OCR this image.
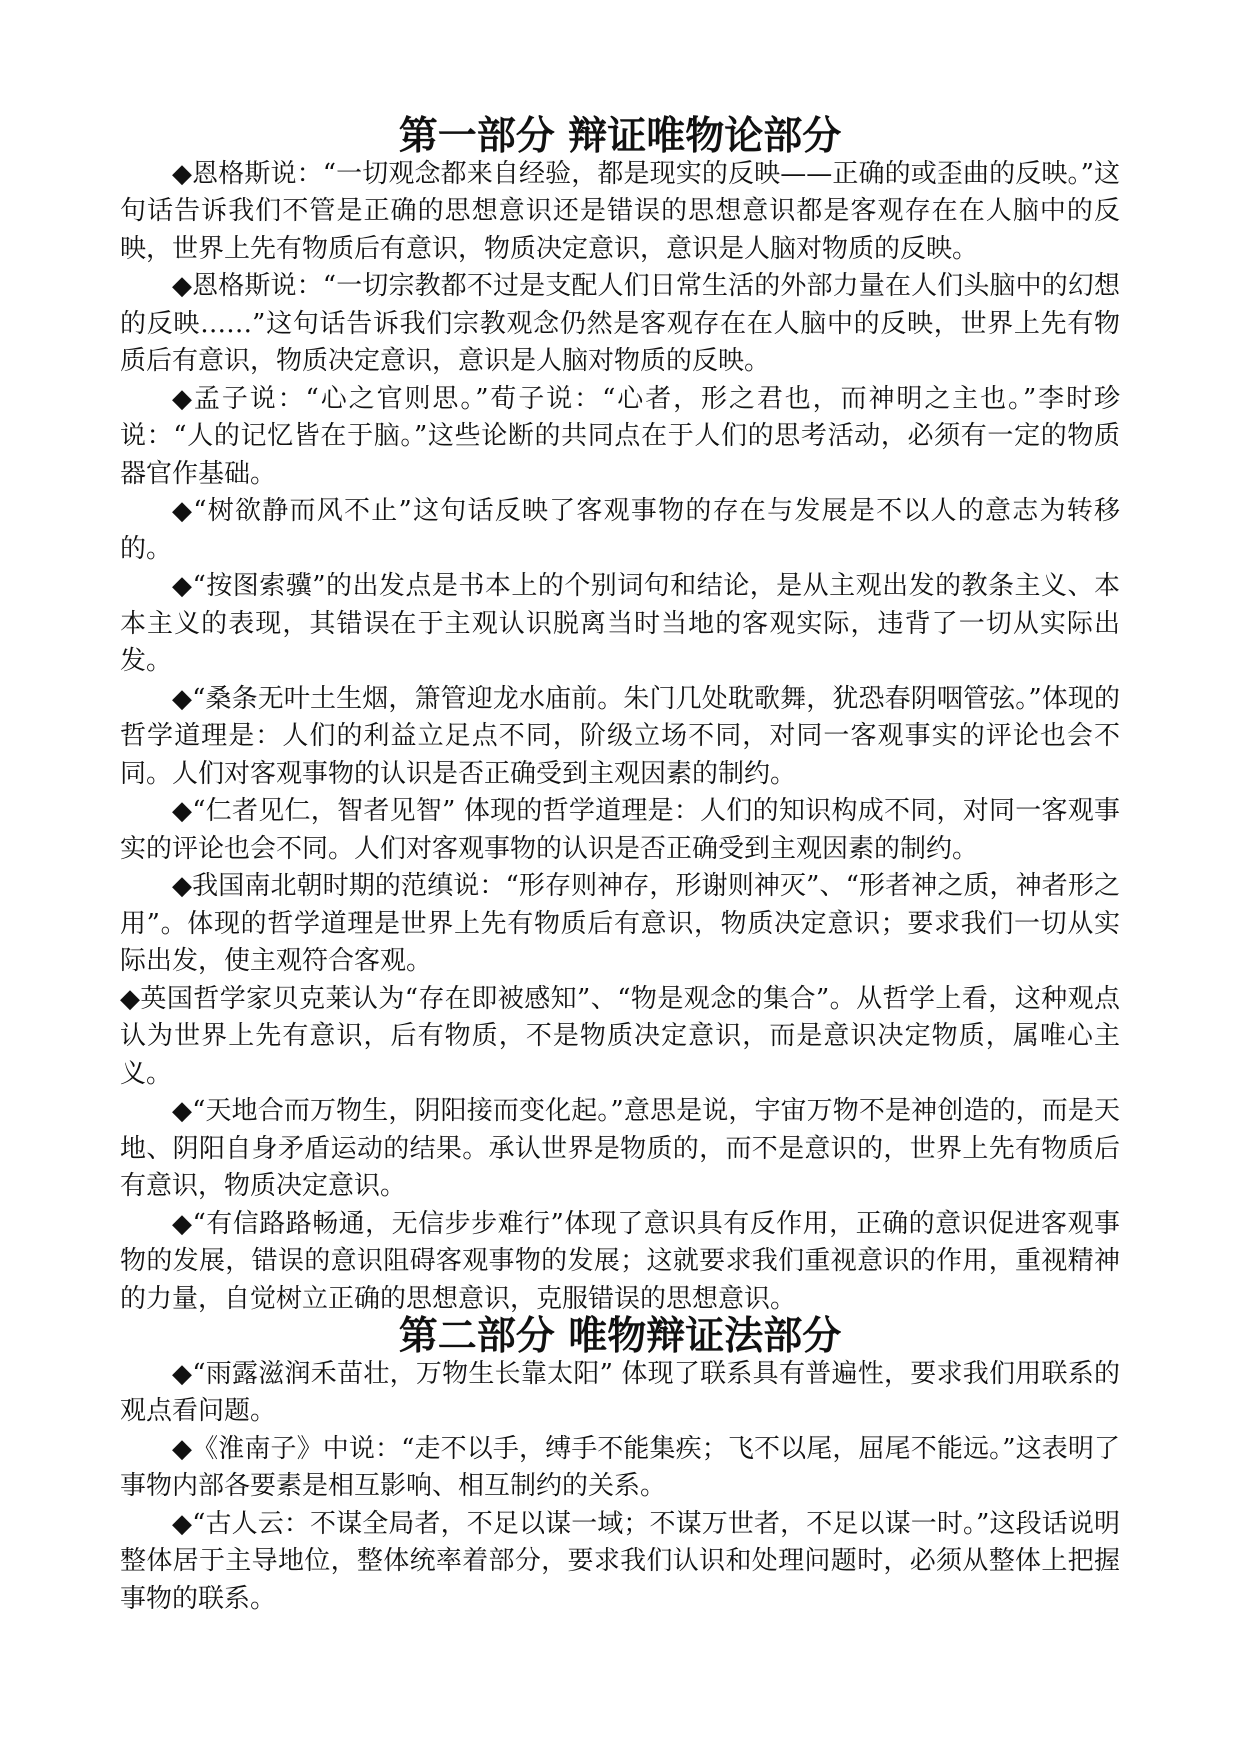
第一部分 辩证唯物论部分

◆恩格斯说：“一切观念都来自经验，都是现实的反映——正确的或歪曲的反映。”这句话告诉我们不管是正确的思想意识还是错误的思想意识都是客观存在在人脑中的反映，世界上先有物质后有意识，物质决定意识，意识是人脑对物质的反映。

◆恩格斯说：“一切宗教都不过是支配人们日常生活的外部力量在人们头脑中的幻想的反映……”这句话告诉我们宗教观念仍然是客观存在在人脑中的反映，世界上先有物质后有意识，物质决定意识，意识是人脑对物质的反映。

◆孟子说：“心之官则思。”荀子说：“心者，形之君也，而神明之主也。”李时珍说：“人的记忆皆在于脑。”这些论断的共同点在于人们的思考活动，必须有一定的物质器官作基础。

◆“树欲静而风不止”这句话反映了客观事物的存在与发展是不以人的意志为转移的。

◆“按图索骥”的出发点是书本上的个别词句和结论，是从主观出发的教条主义、本本主义的表现，其错误在于主观认识脱离当时当地的客观实际，违背了一切从实际出发。

◆“桑条无叶土生烟，箫管迎龙水庙前。朱门几处耽歌舞，犹恐春阴咽管弦。”体现的哲学道理是：人们的利益立足点不同，阶级立场不同，对同一客观事实的评论也会不同。人们对客观事物的认识是否正确受到主观因素的制约。

◆“仁者见仁，智者见智” 体现的哲学道理是：人们的知识构成不同，对同一客观事实的评论也会不同。人们对客观事物的认识是否正确受到主观因素的制约。

◆我国南北朝时期的范缜说：“形存则神存，形谢则神灭”、“形者神之质，神者形之用”。体现的哲学道理是世界上先有物质后有意识，物质决定意识；要求我们一切从实际出发，使主观符合客观。

◆英国哲学家贝克莱认为“存在即被感知”、“物是观念的集合”。从哲学上看，这种观点认为世界上先有意识，后有物质，不是物质决定意识，而是意识决定物质，属唯心主义。

◆“天地合而万物生，阴阳接而变化起。”意思是说，宇宙万物不是神创造的，而是天地、阴阳自身矛盾运动的结果。承认世界是物质的，而不是意识的，世界上先有物质后有意识，物质决定意识。

◆“有信路路畅通，无信步步难行”体现了意识具有反作用，正确的意识促进客观事物的发展，错误的意识阻碍客观事物的发展；这就要求我们重视意识的作用，重视精神的力量，自觉树立正确的思想意识，克服错误的思想意识。

第二部分 唯物辩证法部分

◆“雨露滋润禾苗壮，万物生长靠太阳” 体现了联系具有普遍性，要求我们用联系的观点看问题。

◆《淮南子》中说：“走不以手，缚手不能集疾；飞不以尾，屈尾不能远。”这表明了事物内部各要素是相互影响、相互制约的关系。

◆“古人云：不谋全局者，不足以谋一域；不谋万世者，不足以谋一时。”这段话说明整体居于主导地位，整体统率着部分，要求我们认识和处理问题时，必须从整体上把握事物的联系。
